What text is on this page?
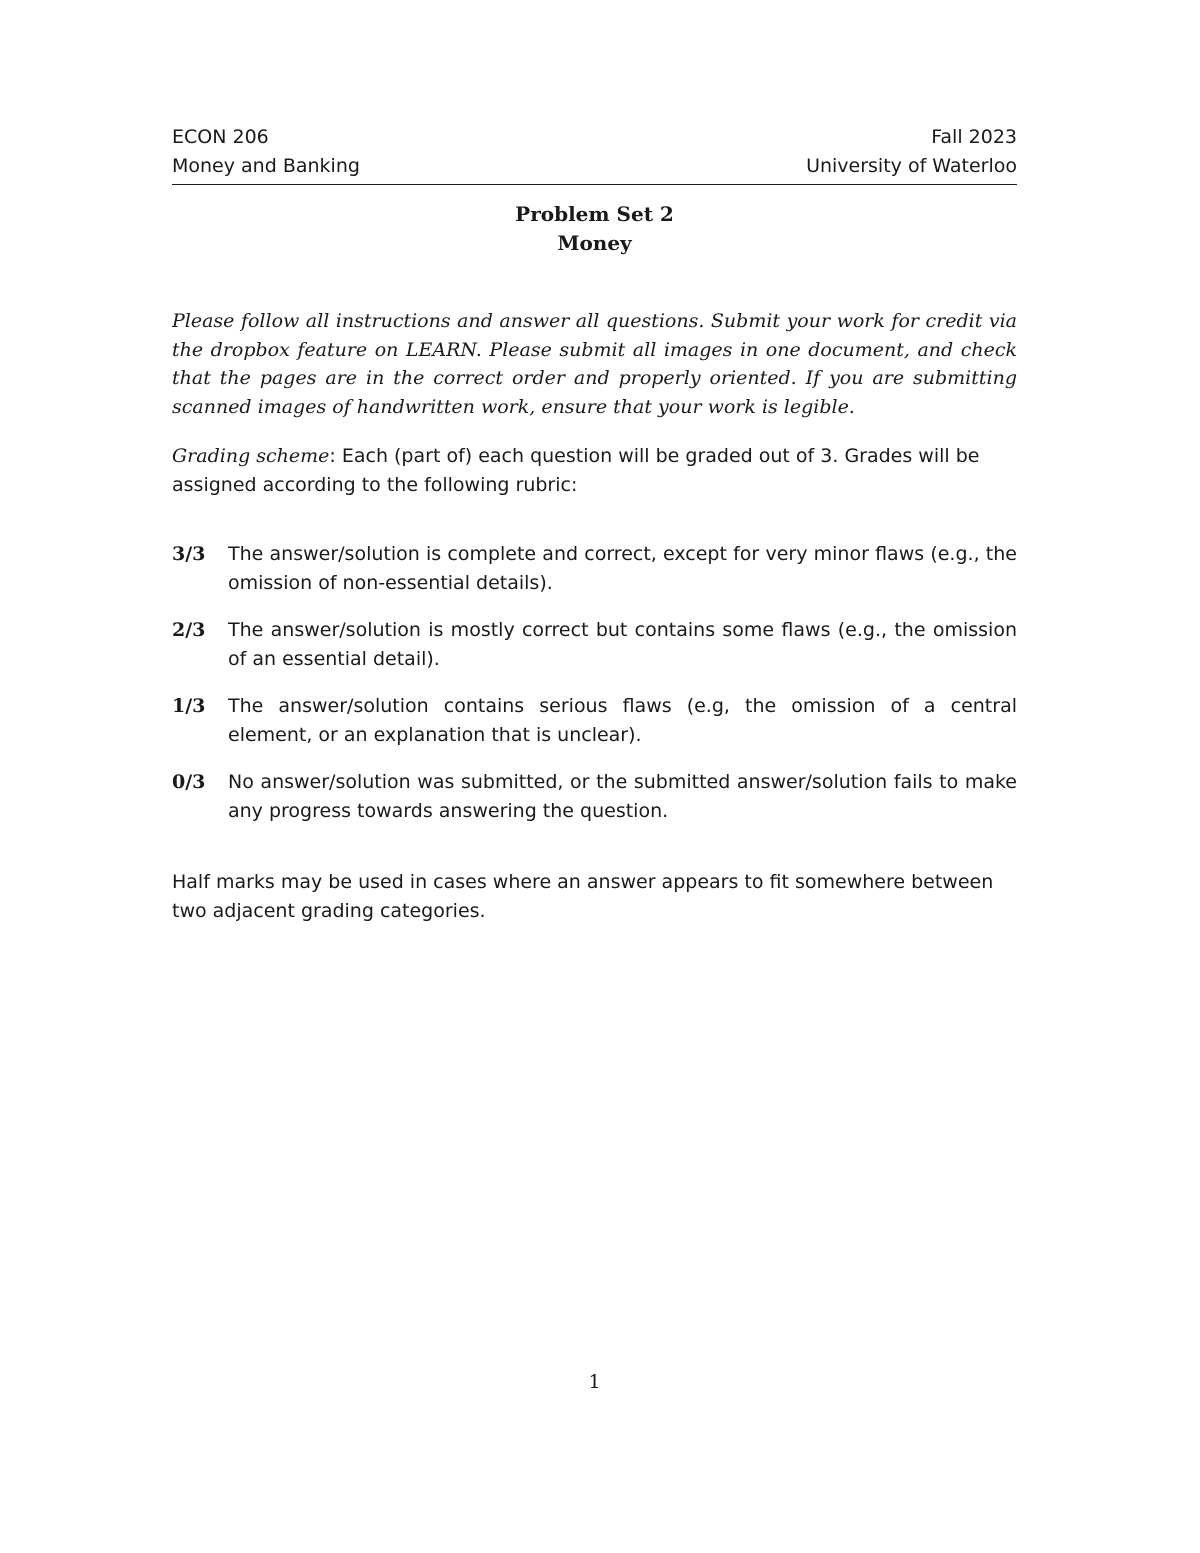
ECON 206	Fall 2023
Money and Banking	University of Waterloo
Problem Set 2
Money

Please follow all instructions and answer all questions. Submit your work for credit via the dropbox feature on LEARN. Please submit all images in one document, and check that the pages are in the correct order and properly oriented. If you are submitting scanned images of handwritten work, ensure that your work is legible.

Grading scheme: Each (part of) each question will be graded out of 3. Grades will be assigned according to the following rubric:

3/3	The answer/solution is complete and correct, except for very minor flaws (e.g., the omission of non-essential details).
2/3	The answer/solution is mostly correct but contains some flaws (e.g., the omission of an essential detail).
1/3	The answer/solution contains serious flaws (e.g, the omission of a central element, or an explanation that is unclear).
0/3	No answer/solution was submitted, or the submitted answer/solution fails to make any progress towards answering the question.

Half marks may be used in cases where an answer appears to fit somewhere between two adjacent grading categories.

1
